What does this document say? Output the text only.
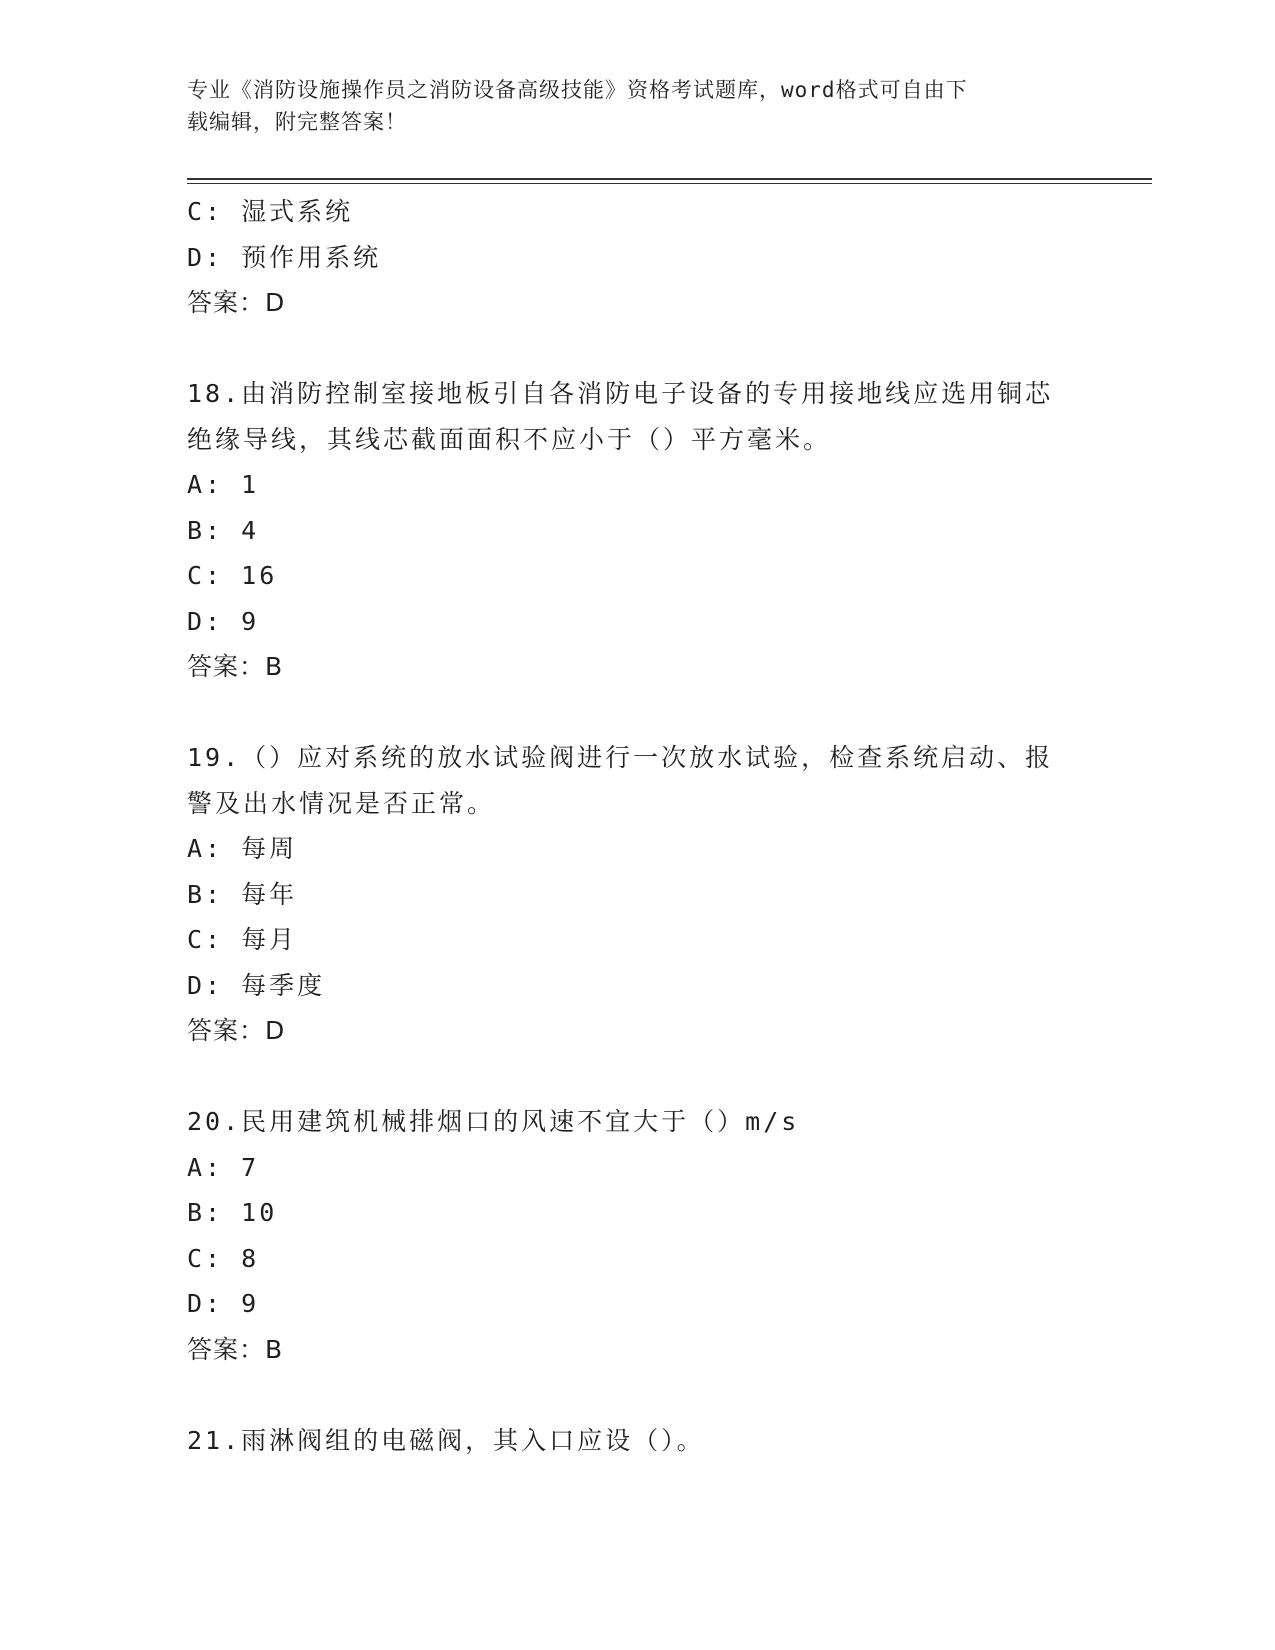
专业《消防设施操作员之消防设备高级技能》资格考试题库，word格式可自由下
载编辑，附完整答案！
C: 湿式系统
D: 预作用系统
答案：D
18.由消防控制室接地板引自各消防电子设备的专用接地线应选用铜芯
绝缘导线，其线芯截面面积不应小于（）平方毫米。
A: 1
B: 4
C: 16
D: 9
答案：B
19.（）应对系统的放水试验阀进行一次放水试验，检查系统启动、报
警及出水情况是否正常。
A: 每周
B: 每年
C: 每月
D: 每季度
答案：D
20.民用建筑机械排烟口的风速不宜大于（）m/s
A: 7
B: 10
C: 8
D: 9
答案：B
21.雨淋阀组的电磁阀，其入口应设（）。
